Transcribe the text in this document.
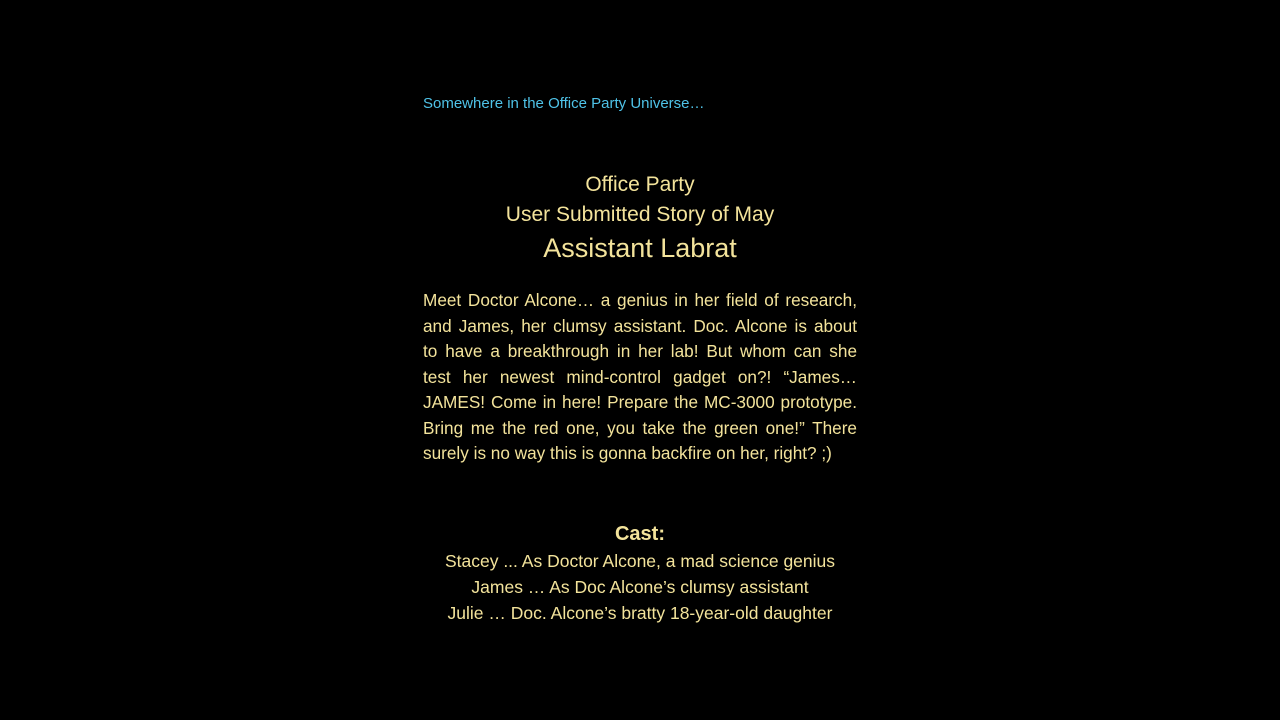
Somewhere in the Office Party Universe…
Office Party
User Submitted Story of May
Assistant Labrat
Meet Doctor Alcone… a genius in her field of research, and James, her clumsy assistant. Doc. Alcone is about to have a breakthrough in her lab! But whom can she test her newest mind-control gadget on?! “James… JAMES! Come in here! Prepare the MC-3000 prototype. Bring me the red one, you take the green one!” There surely is no way this is gonna backfire on her, right? ;)
Cast:
Stacey ... As Doctor Alcone, a mad science genius
James … As Doc Alcone’s clumsy assistant
Julie … Doc. Alcone’s bratty 18-year-old daughter
